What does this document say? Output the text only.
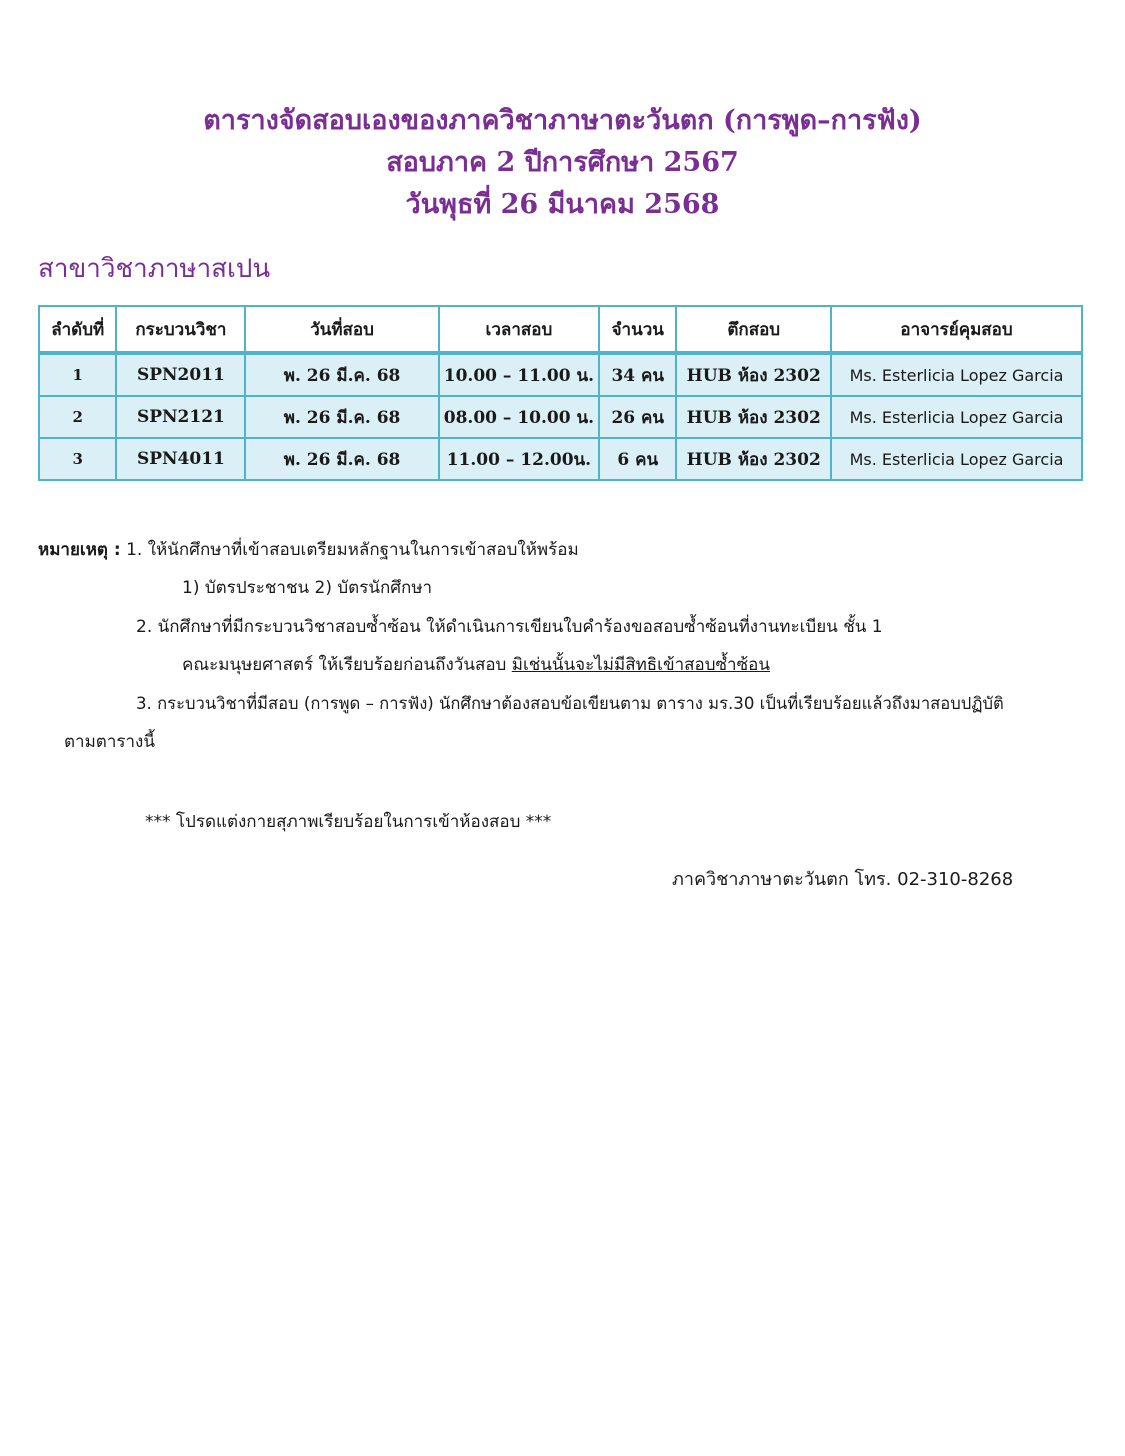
ตารางจัดสอบเองของภาควิชาภาษาตะวันตก (การพูด–การฟัง)
สอบภาค 2 ปีการศึกษา 2567
วันพุธที่ 26 มีนาคม 2568
สาขาวิชาภาษาสเปน
ลำดับที่	กระบวนวิชา	วันที่สอบ	เวลาสอบ	จำนวน	ตึกสอบ	อาจารย์คุมสอบ
1	SPN2011	พ. 26 มี.ค. 68	10.00 – 11.00 น.	34 คน	HUB ห้อง 2302	Ms. Esterlicia Lopez Garcia
2	SPN2121	พ. 26 มี.ค. 68	08.00 – 10.00 น.	26 คน	HUB ห้อง 2302	Ms. Esterlicia Lopez Garcia
3	SPN4011	พ. 26 มี.ค. 68	11.00 – 12.00น.	6 คน	HUB ห้อง 2302	Ms. Esterlicia Lopez Garcia
หมายเหตุ : 1. ให้นักศึกษาที่เข้าสอบเตรียมหลักฐานในการเข้าสอบให้พร้อม
1) บัตรประชาชน 2) บัตรนักศึกษา
2. นักศึกษาที่มีกระบวนวิชาสอบซ้ำซ้อน ให้ดำเนินการเขียนใบคำร้องขอสอบซ้ำซ้อนที่งานทะเบียน ชั้น 1
คณะมนุษยศาสตร์ ให้เรียบร้อยก่อนถึงวันสอบ มิเช่นนั้นจะไม่มีสิทธิเข้าสอบซ้ำซ้อน
3. กระบวนวิชาที่มีสอบ (การพูด – การฟัง) นักศึกษาต้องสอบข้อเขียนตาม ตาราง มร.30 เป็นที่เรียบร้อยแล้วถึงมาสอบปฏิบัติ
ตามตารางนี้
*** โปรดแต่งกายสุภาพเรียบร้อยในการเข้าห้องสอบ ***
ภาควิชาภาษาตะวันตก โทร. 02-310-8268
